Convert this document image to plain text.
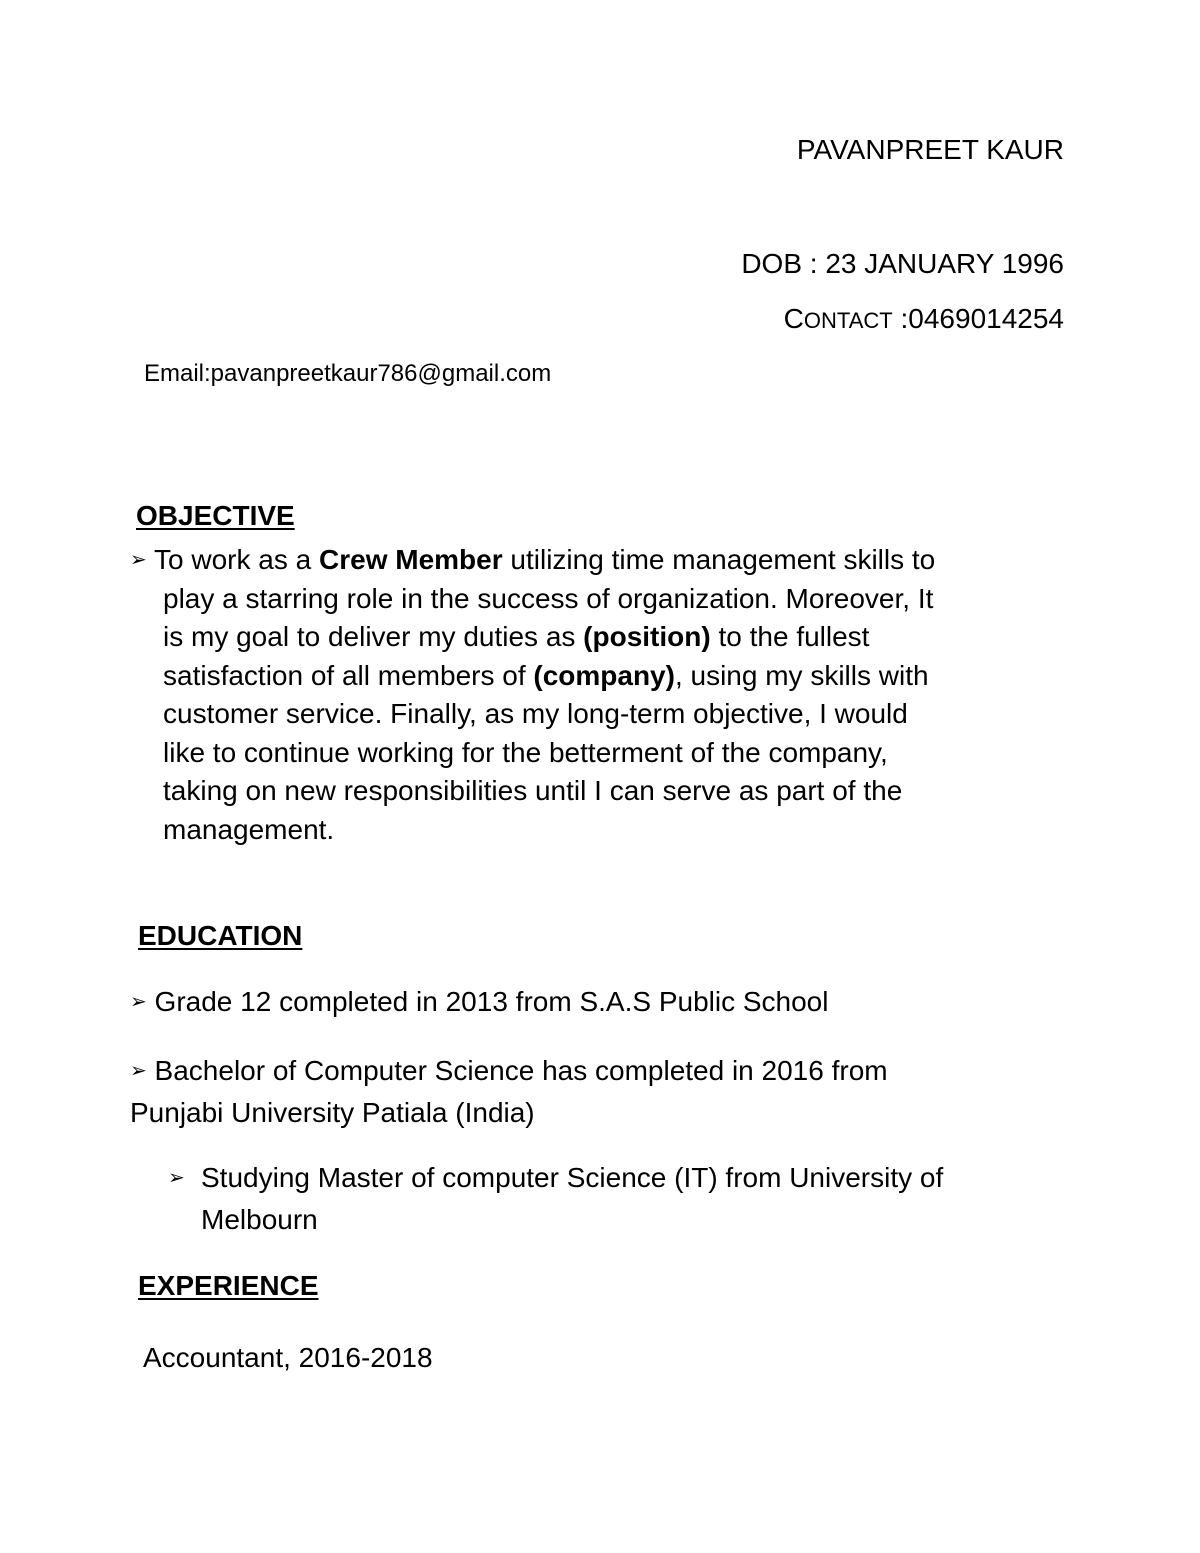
PAVANPREET KAUR
DOB : 23 JANUARY 1996
CONTACT :0469014254
Email:pavanpreetkaur786@gmail.com
OBJECTIVE
➢ To work as a Crew Member utilizing time management skills to
play a starring role in the success of organization. Moreover, It
is my goal to deliver my duties as (position) to the fullest
satisfaction of all members of (company), using my skills with
customer service. Finally, as my long-term objective, I would
like to continue working for the betterment of the company,
taking on new responsibilities until I can serve as part of the
management.
EDUCATION
➢ Grade 12 completed in 2013 from S.A.S Public School
➢ Bachelor of Computer Science has completed in 2016 from
Punjabi University Patiala (India)
➢ Studying Master of computer Science (IT) from University of
Melbourn
EXPERIENCE
Accountant, 2016-2018
